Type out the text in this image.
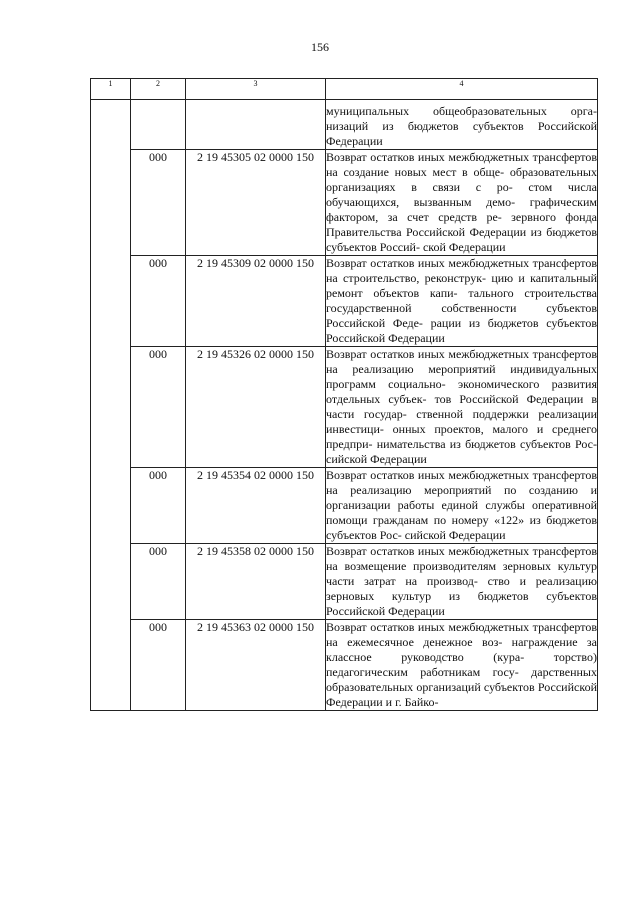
156
1	2	3	4
			муниципальных общеобразовательных орга- низаций из бюджетов субъектов Российской Федерации
	000	2 19 45305 02 0000 150	Возврат остатков иных межбюджетных трансфертов на создание новых мест в обще- образовательных организациях в связи с ро- стом числа обучающихся, вызванным демо- графическим фактором, за счет средств ре- зервного фонда Правительства Российской Федерации из бюджетов субъектов Россий- ской Федерации
	000	2 19 45309 02 0000 150	Возврат остатков иных межбюджетных трансфертов на строительство, реконструк- цию и капитальный ремонт объектов капи- тального строительства государственной собственности субъектов Российской Феде- рации из бюджетов субъектов Российской Федерации
	000	2 19 45326 02 0000 150	Возврат остатков иных межбюджетных трансфертов на реализацию мероприятий индивидуальных программ социально- экономического развития отдельных субъек- тов Российской Федерации в части государ- ственной поддержки реализации инвестици- онных проектов, малого и среднего предпри- нимательства из бюджетов субъектов Рос- сийской Федерации
	000	2 19 45354 02 0000 150	Возврат остатков иных межбюджетных трансфертов на реализацию мероприятий по созданию и организации работы единой службы оперативной помощи гражданам по номеру «122» из бюджетов субъектов Рос- сийской Федерации
	000	2 19 45358 02 0000 150	Возврат остатков иных межбюджетных трансфертов на возмещение производителям зерновых культур части затрат на производ- ство и реализацию зерновых культур из бюджетов субъектов Российской Федерации
	000	2 19 45363 02 0000 150	Возврат остатков иных межбюджетных трансфертов на ежемесячное денежное воз- награждение за классное руководство (кура- торство) педагогическим работникам госу- дарственных образовательных организаций субъектов Российской Федерации и г. Байко-
